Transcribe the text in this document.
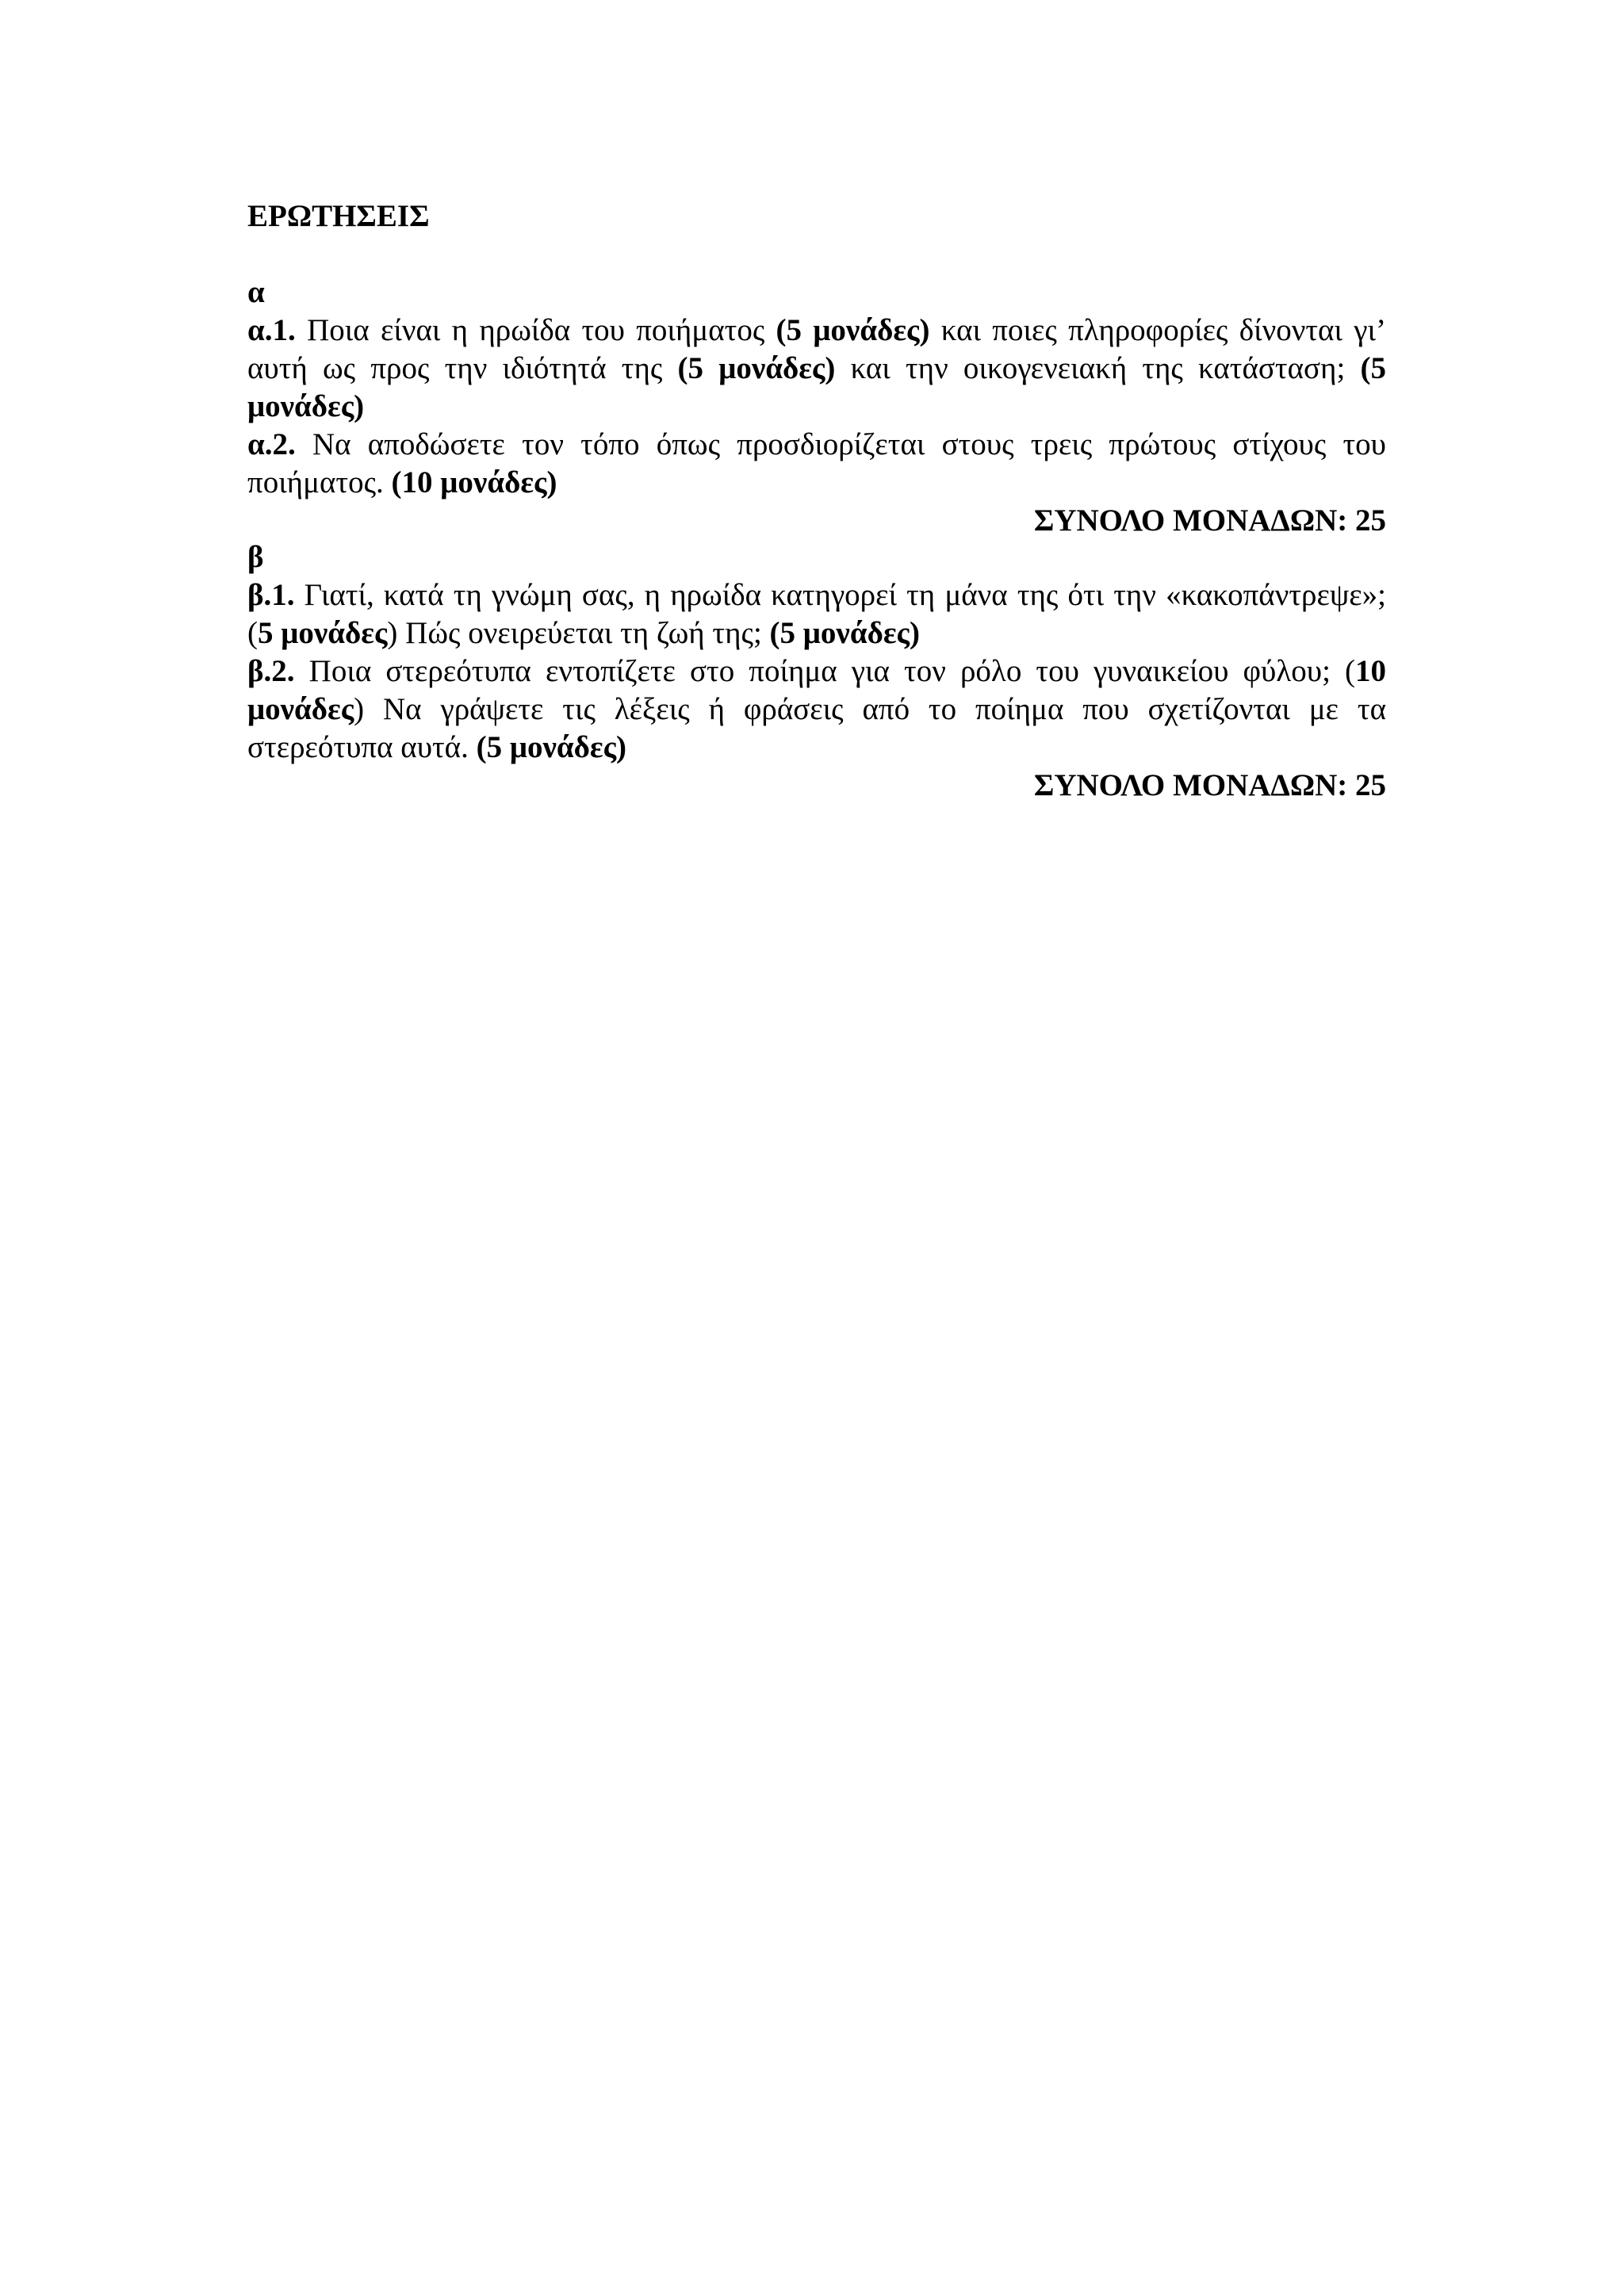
ΕΡΩΤΗΣΕΙΣ
α
α.1. Ποια είναι η ηρωίδα του ποιήματος (5 μονάδες) και ποιες πληροφορίες δίνονται γι’ αυτή ως προς την ιδιότητά της (5 μονάδες) και την οικογενειακή της κατάσταση; (5 μονάδες)
α.2. Να αποδώσετε τον τόπο όπως προσδιορίζεται στους τρεις πρώτους στίχους του ποιήματος. (10 μονάδες)
ΣΥΝΟΛΟ ΜΟΝΑΔΩΝ: 25
β
β.1. Γιατί, κατά τη γνώμη σας, η ηρωίδα κατηγορεί τη μάνα της ότι την «κακοπάντρεψε»; (5 μονάδες) Πώς ονειρεύεται τη ζωή της; (5 μονάδες)
β.2. Ποια στερεότυπα εντοπίζετε στο ποίημα για τον ρόλο του γυναικείου φύλου; (10 μονάδες) Να γράψετε τις λέξεις ή φράσεις από το ποίημα που σχετίζονται με τα στερεότυπα αυτά. (5 μονάδες)
ΣΥΝΟΛΟ ΜΟΝΑΔΩΝ: 25
